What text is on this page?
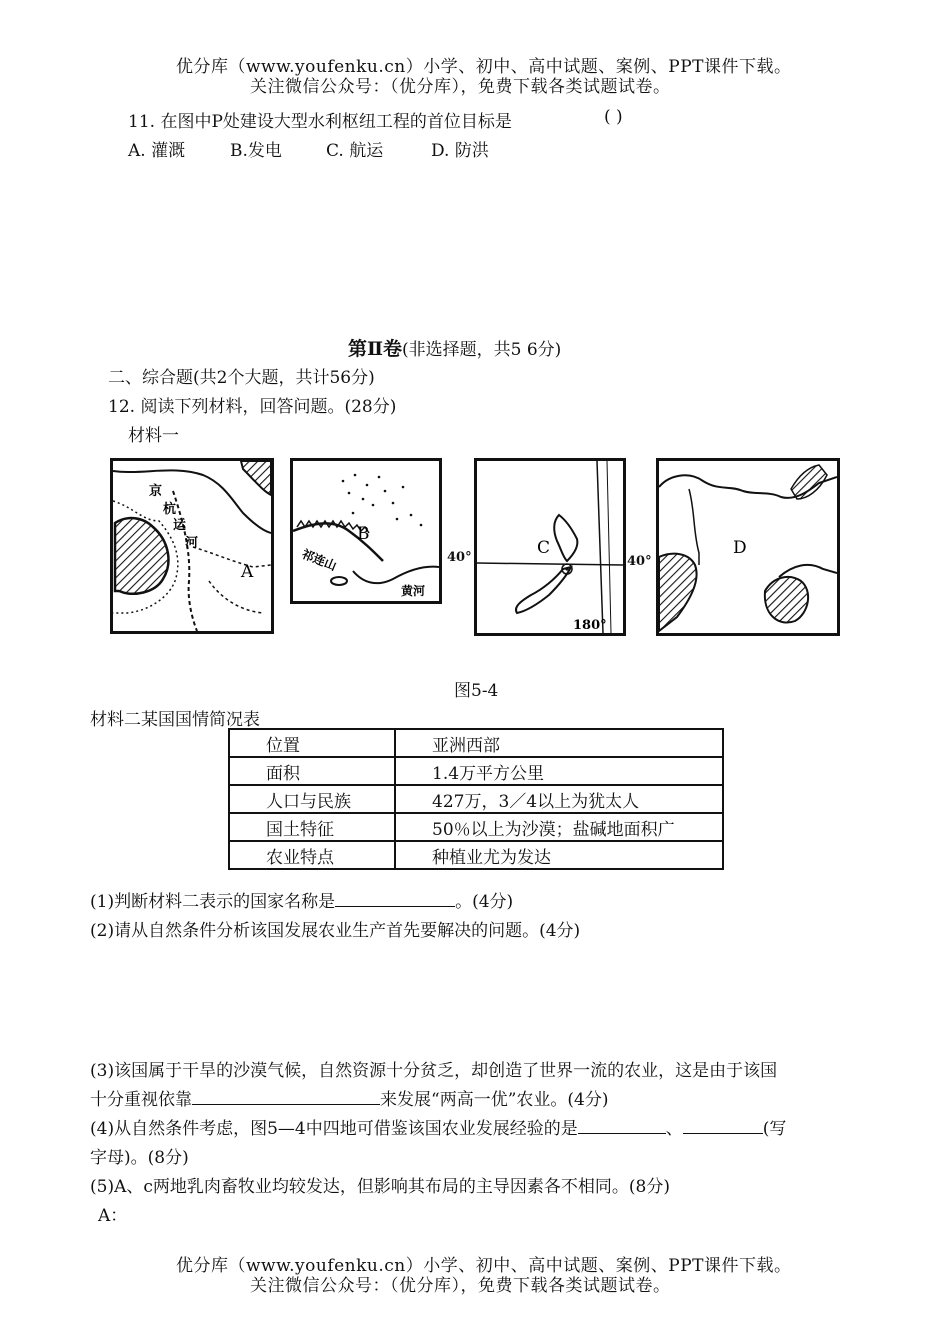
优分库（www.youfenku.cn）小学、初中、高中试题、案例、PPT课件下载。
关注微信公众号：（优分库），免费下载各类试题试卷。
11. 在图中P处建设大型水利枢纽工程的首位目标是	( )
A. 灌溉	B.发电	C. 航运	D. 防洪
第Ⅱ卷(非选择题，共5 6分)
二、综合题(共2个大题，共计56分)
12. 阅读下列材料，回答问题。(28分)
材料一
京
杭
运
河
A
B
祁连山
黄河
C
180°
40°	40°
D
图5-4
材料二某国国情简况表
位置	亚洲西部
面积	1.4万平方公里
人口与民族	427万，3／4以上为犹太人
国土特征	50％以上为沙漠；盐碱地面积广
农业特点	种植业尤为发达
(1)判断材料二表示的国家名称是	。(4分)
(2)请从自然条件分析该国发展农业生产首先要解决的问题。(4分)
(3)该国属于干旱的沙漠气候，自然资源十分贫乏，却创造了世界一流的农业，这是由于该国
十分重视依靠	来发展“两高一优”农业。(4分)
(4)从自然条件考虑，图5—4中四地可借鉴该国农业发展经验的是	、	(写
字母)。(8分)
(5)A、c两地乳肉畜牧业均较发达，但影响其布局的主导因素各不相同。(8分)
A：
优分库（www.youfenku.cn）小学、初中、高中试题、案例、PPT课件下载。
关注微信公众号：（优分库），免费下载各类试题试卷。
